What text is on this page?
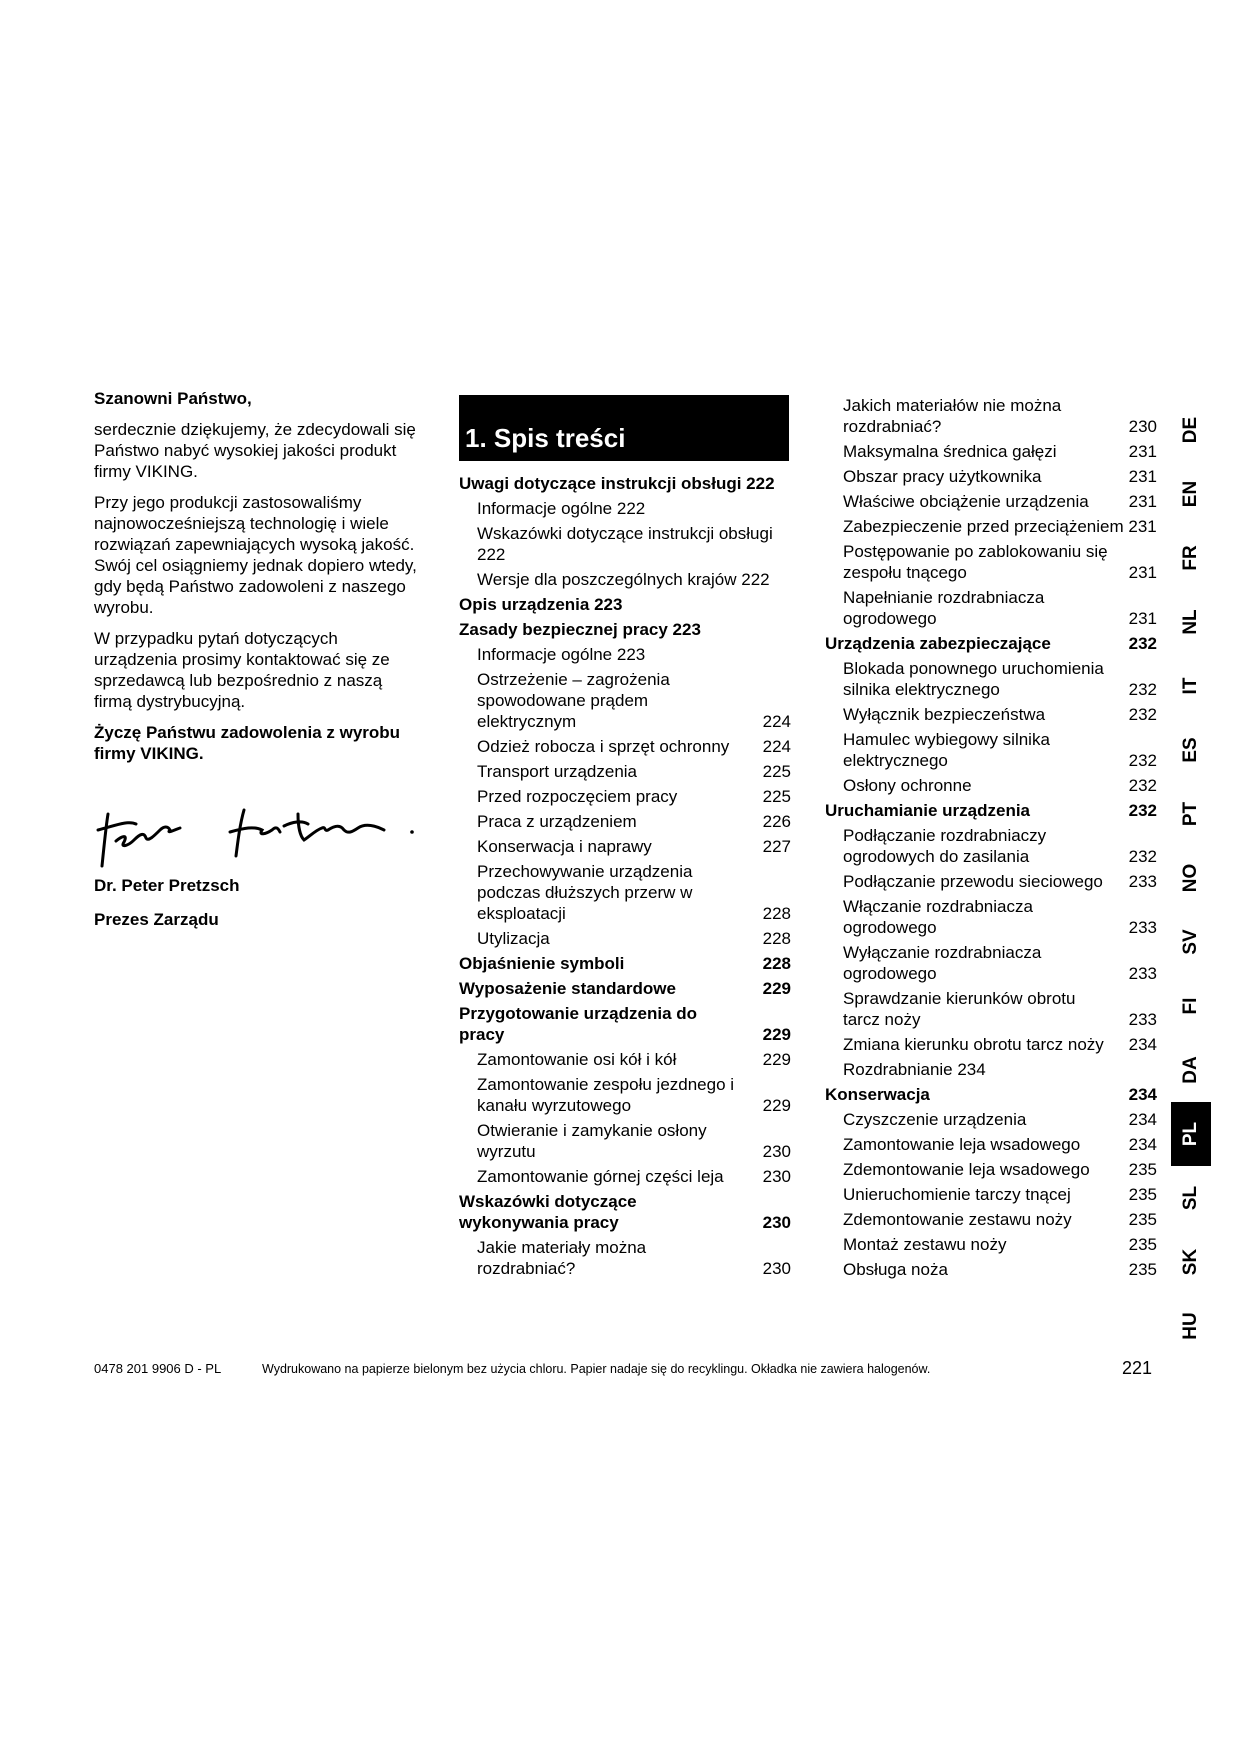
Szanowni Państwo,

serdecznie dziękujemy, że zdecydowali się Państwo nabyć wysokiej jakości produkt firmy VIKING.

Przy jego produkcji zastosowaliśmy najnowocześniejszą technologię i wiele rozwiązań zapewniających wysoką jakość. Swój cel osiągniemy jednak dopiero wtedy, gdy będą Państwo zadowoleni z naszego wyrobu.

W przypadku pytań dotyczących urządzenia prosimy kontaktować się ze sprzedawcą lub bezpośrednio z naszą firmą dystrybucyjną.

Życzę Państwu zadowolenia z wyrobu firmy VIKING.

Dr. Peter Pretzsch
Prezes Zarządu
1. Spis treści
Uwagi dotyczące instrukcji obsługi 222
Informacje ogólne 222
Wskazówki dotyczące instrukcji obsługi 222
Wersje dla poszczególnych krajów 222
Opis urządzenia 223
Zasady bezpiecznej pracy 223
Informacje ogólne 223
Ostrzeżenie – zagrożenia spowodowane prądem elektrycznym	224
Odzież robocza i sprzęt ochronny	224
Transport urządzenia	225
Przed rozpoczęciem pracy	225
Praca z urządzeniem	226
Konserwacja i naprawy	227
Przechowywanie urządzenia podczas dłuższych przerw w eksploatacji	228
Utylizacja	228
Objaśnienie symboli	228
Wyposażenie standardowe	229
Przygotowanie urządzenia do pracy	229
Zamontowanie osi kół i kół	229
Zamontowanie zespołu jezdnego i kanału wyrzutowego	229
Otwieranie i zamykanie osłony wyrzutu	230
Zamontowanie górnej części leja	230
Wskazówki dotyczące wykonywania pracy	230
Jakie materiały można rozdrabniać?	230
Jakich materiałów nie można rozdrabniać?	230
Maksymalna średnica gałęzi	231
Obszar pracy użytkownika	231
Właściwe obciążenie urządzenia	231
Zabezpieczenie przed przeciążeniem 231
Postępowanie po zablokowaniu się zespołu tnącego	231
Napełnianie rozdrabniacza ogrodowego	231
Urządzenia zabezpieczające	232
Blokada ponownego uruchomienia silnika elektrycznego	232
Wyłącznik bezpieczeństwa	232
Hamulec wybiegowy silnika elektrycznego	232
Osłony ochronne	232
Uruchamianie urządzenia	232
Podłączanie rozdrabniaczy ogrodowych do zasilania	232
Podłączanie przewodu sieciowego	233
Włączanie rozdrabniacza ogrodowego	233
Wyłączanie rozdrabniacza ogrodowego	233
Sprawdzanie kierunków obrotu tarcz noży	233
Zmiana kierunku obrotu tarcz noży	234
Rozdrabnianie 234
Konserwacja	234
Czyszczenie urządzenia	234
Zamontowanie leja wsadowego	234
Zdemontowanie leja wsadowego	235
Unieruchomienie tarczy tnącej	235
Zdemontowanie zestawu noży	235
Montaż zestawu noży	235
Obsługa noża	235
DE
EN
FR
NL
IT
ES
PT
NO
SV
FI
DA
PL
SL
SK
HU
0478 201 9906 D - PL	Wydrukowano na papierze bielonym bez użycia chloru. Papier nadaje się do recyklingu. Okładka nie zawiera halogenów.	221
